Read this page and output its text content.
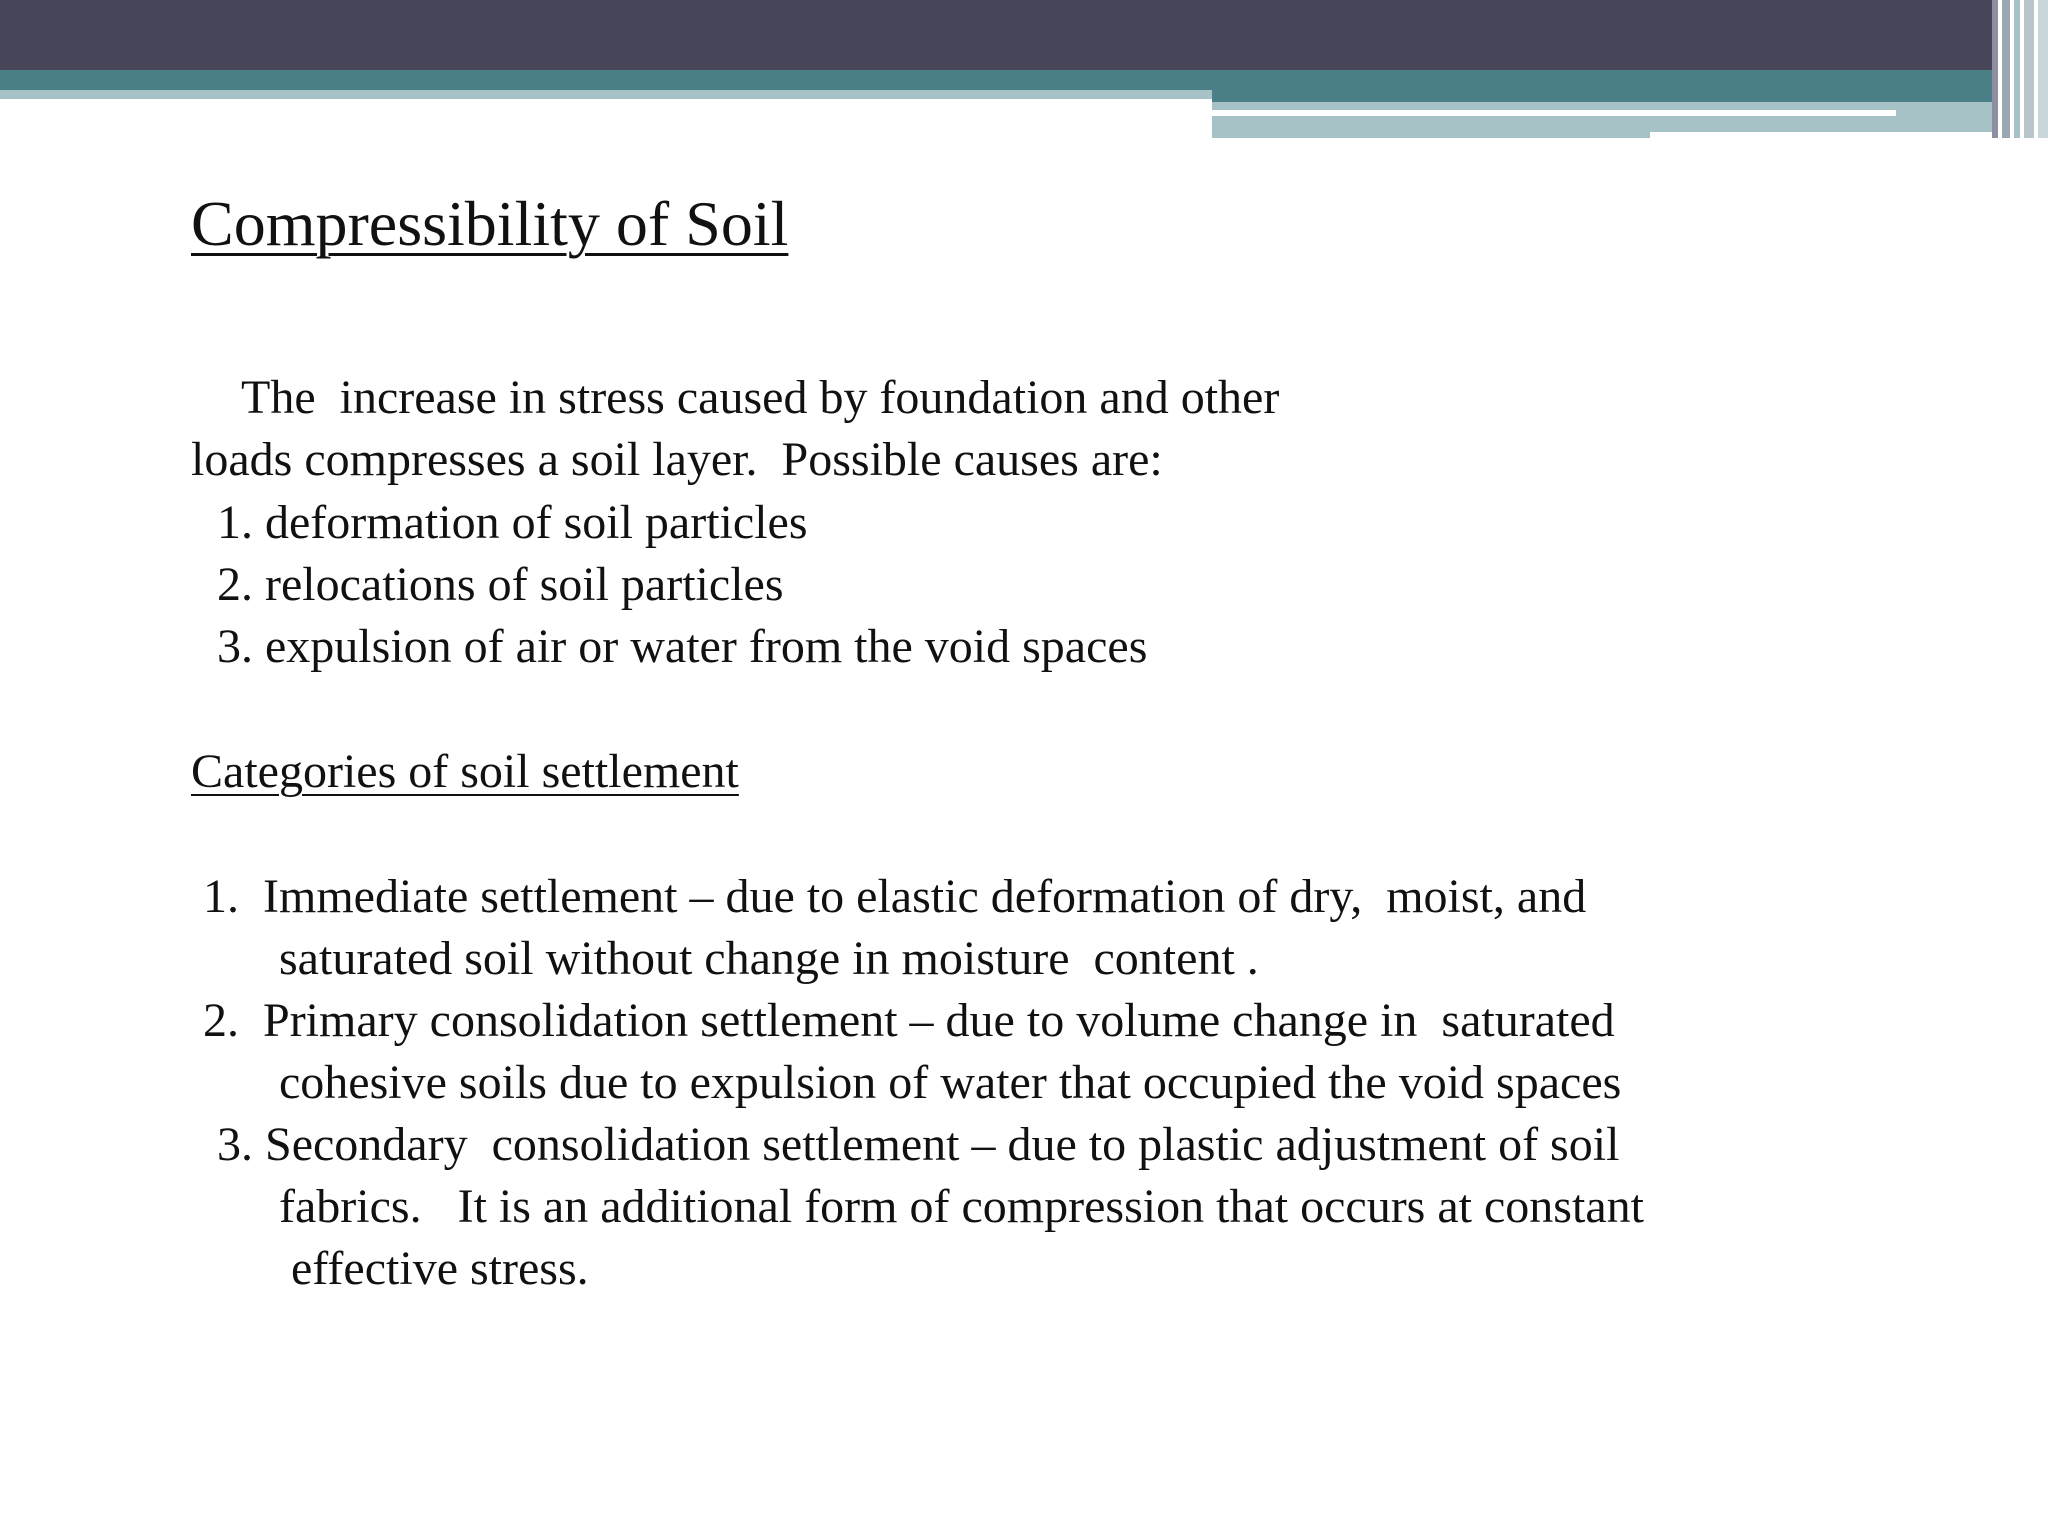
Compressibility of Soil
The  increase in stress caused by foundation and other
loads compresses a soil layer.  Possible causes are:
1. deformation of soil particles
2. relocations of soil particles
3. expulsion of air or water from the void spaces
Categories of soil settlement
1.  Immediate settlement – due to elastic deformation of dry,  moist, and
saturated soil without change in moisture  content .
2.  Primary consolidation settlement – due to volume change in  saturated
cohesive soils due to expulsion of water that occupied the void spaces
3. Secondary  consolidation settlement – due to plastic adjustment of soil
fabrics.   It is an additional form of compression that occurs at constant
effective stress.
